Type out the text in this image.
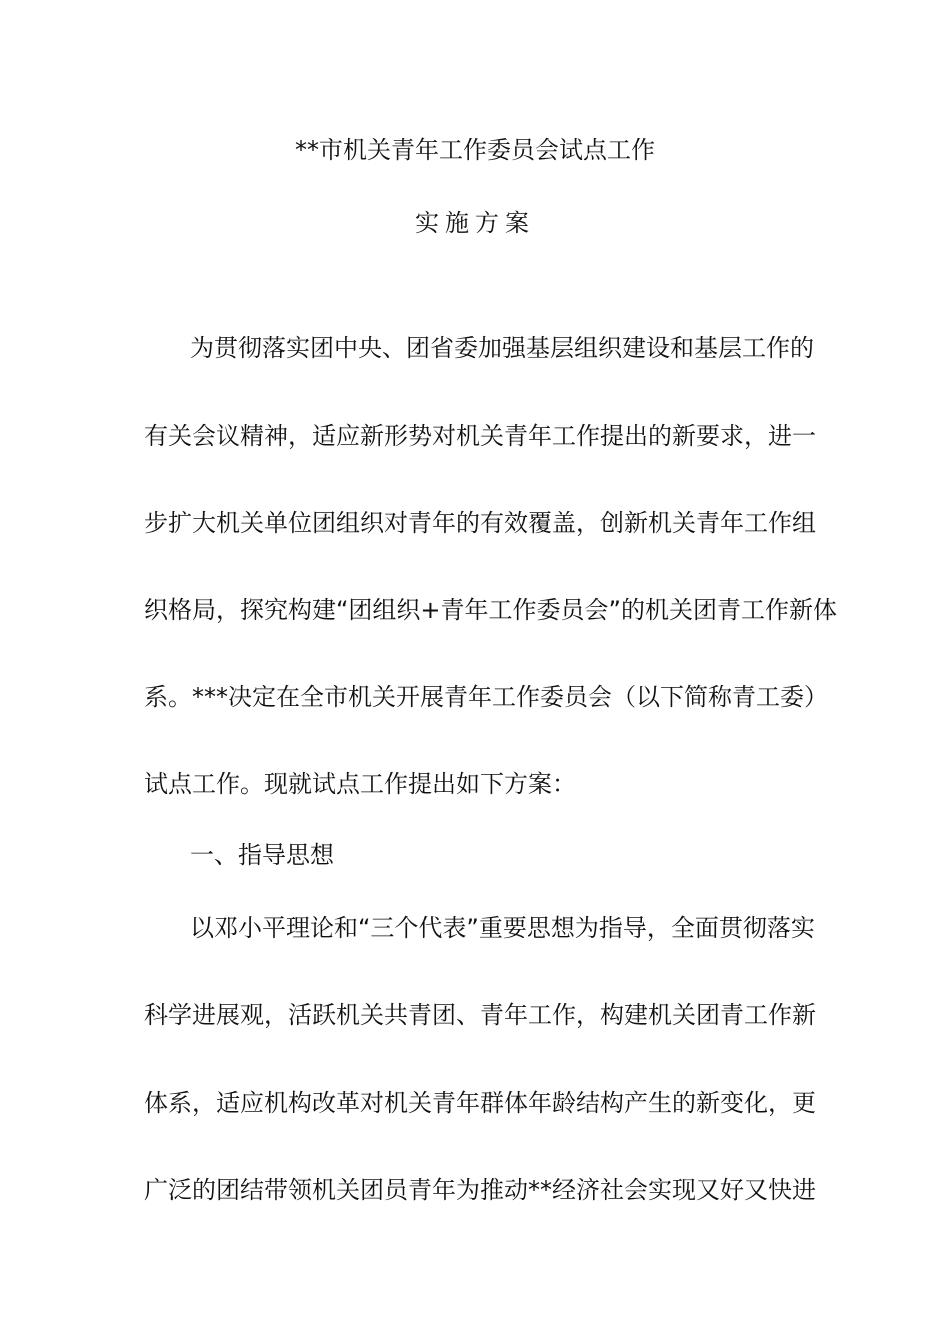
**市机关青年工作委员会试点工作
实施方案
为贯彻落实团中央、团省委加强基层组织建设和基层工作的
有关会议精神，适应新形势对机关青年工作提出的新要求，进一
步扩大机关单位团组织对青年的有效覆盖，创新机关青年工作组
织格局，探究构建“团组织+青年工作委员会”的机关团青工作新体
系。***决定在全市机关开展青年工作委员会（以下简称青工委）
试点工作。现就试点工作提出如下方案：
一、指导思想
以邓小平理论和“三个代表”重要思想为指导，全面贯彻落实
科学进展观，活跃机关共青团、青年工作，构建机关团青工作新
体系，适应机构改革对机关青年群体年龄结构产生的新变化，更
广泛的团结带领机关团员青年为推动**经济社会实现又好又快进
